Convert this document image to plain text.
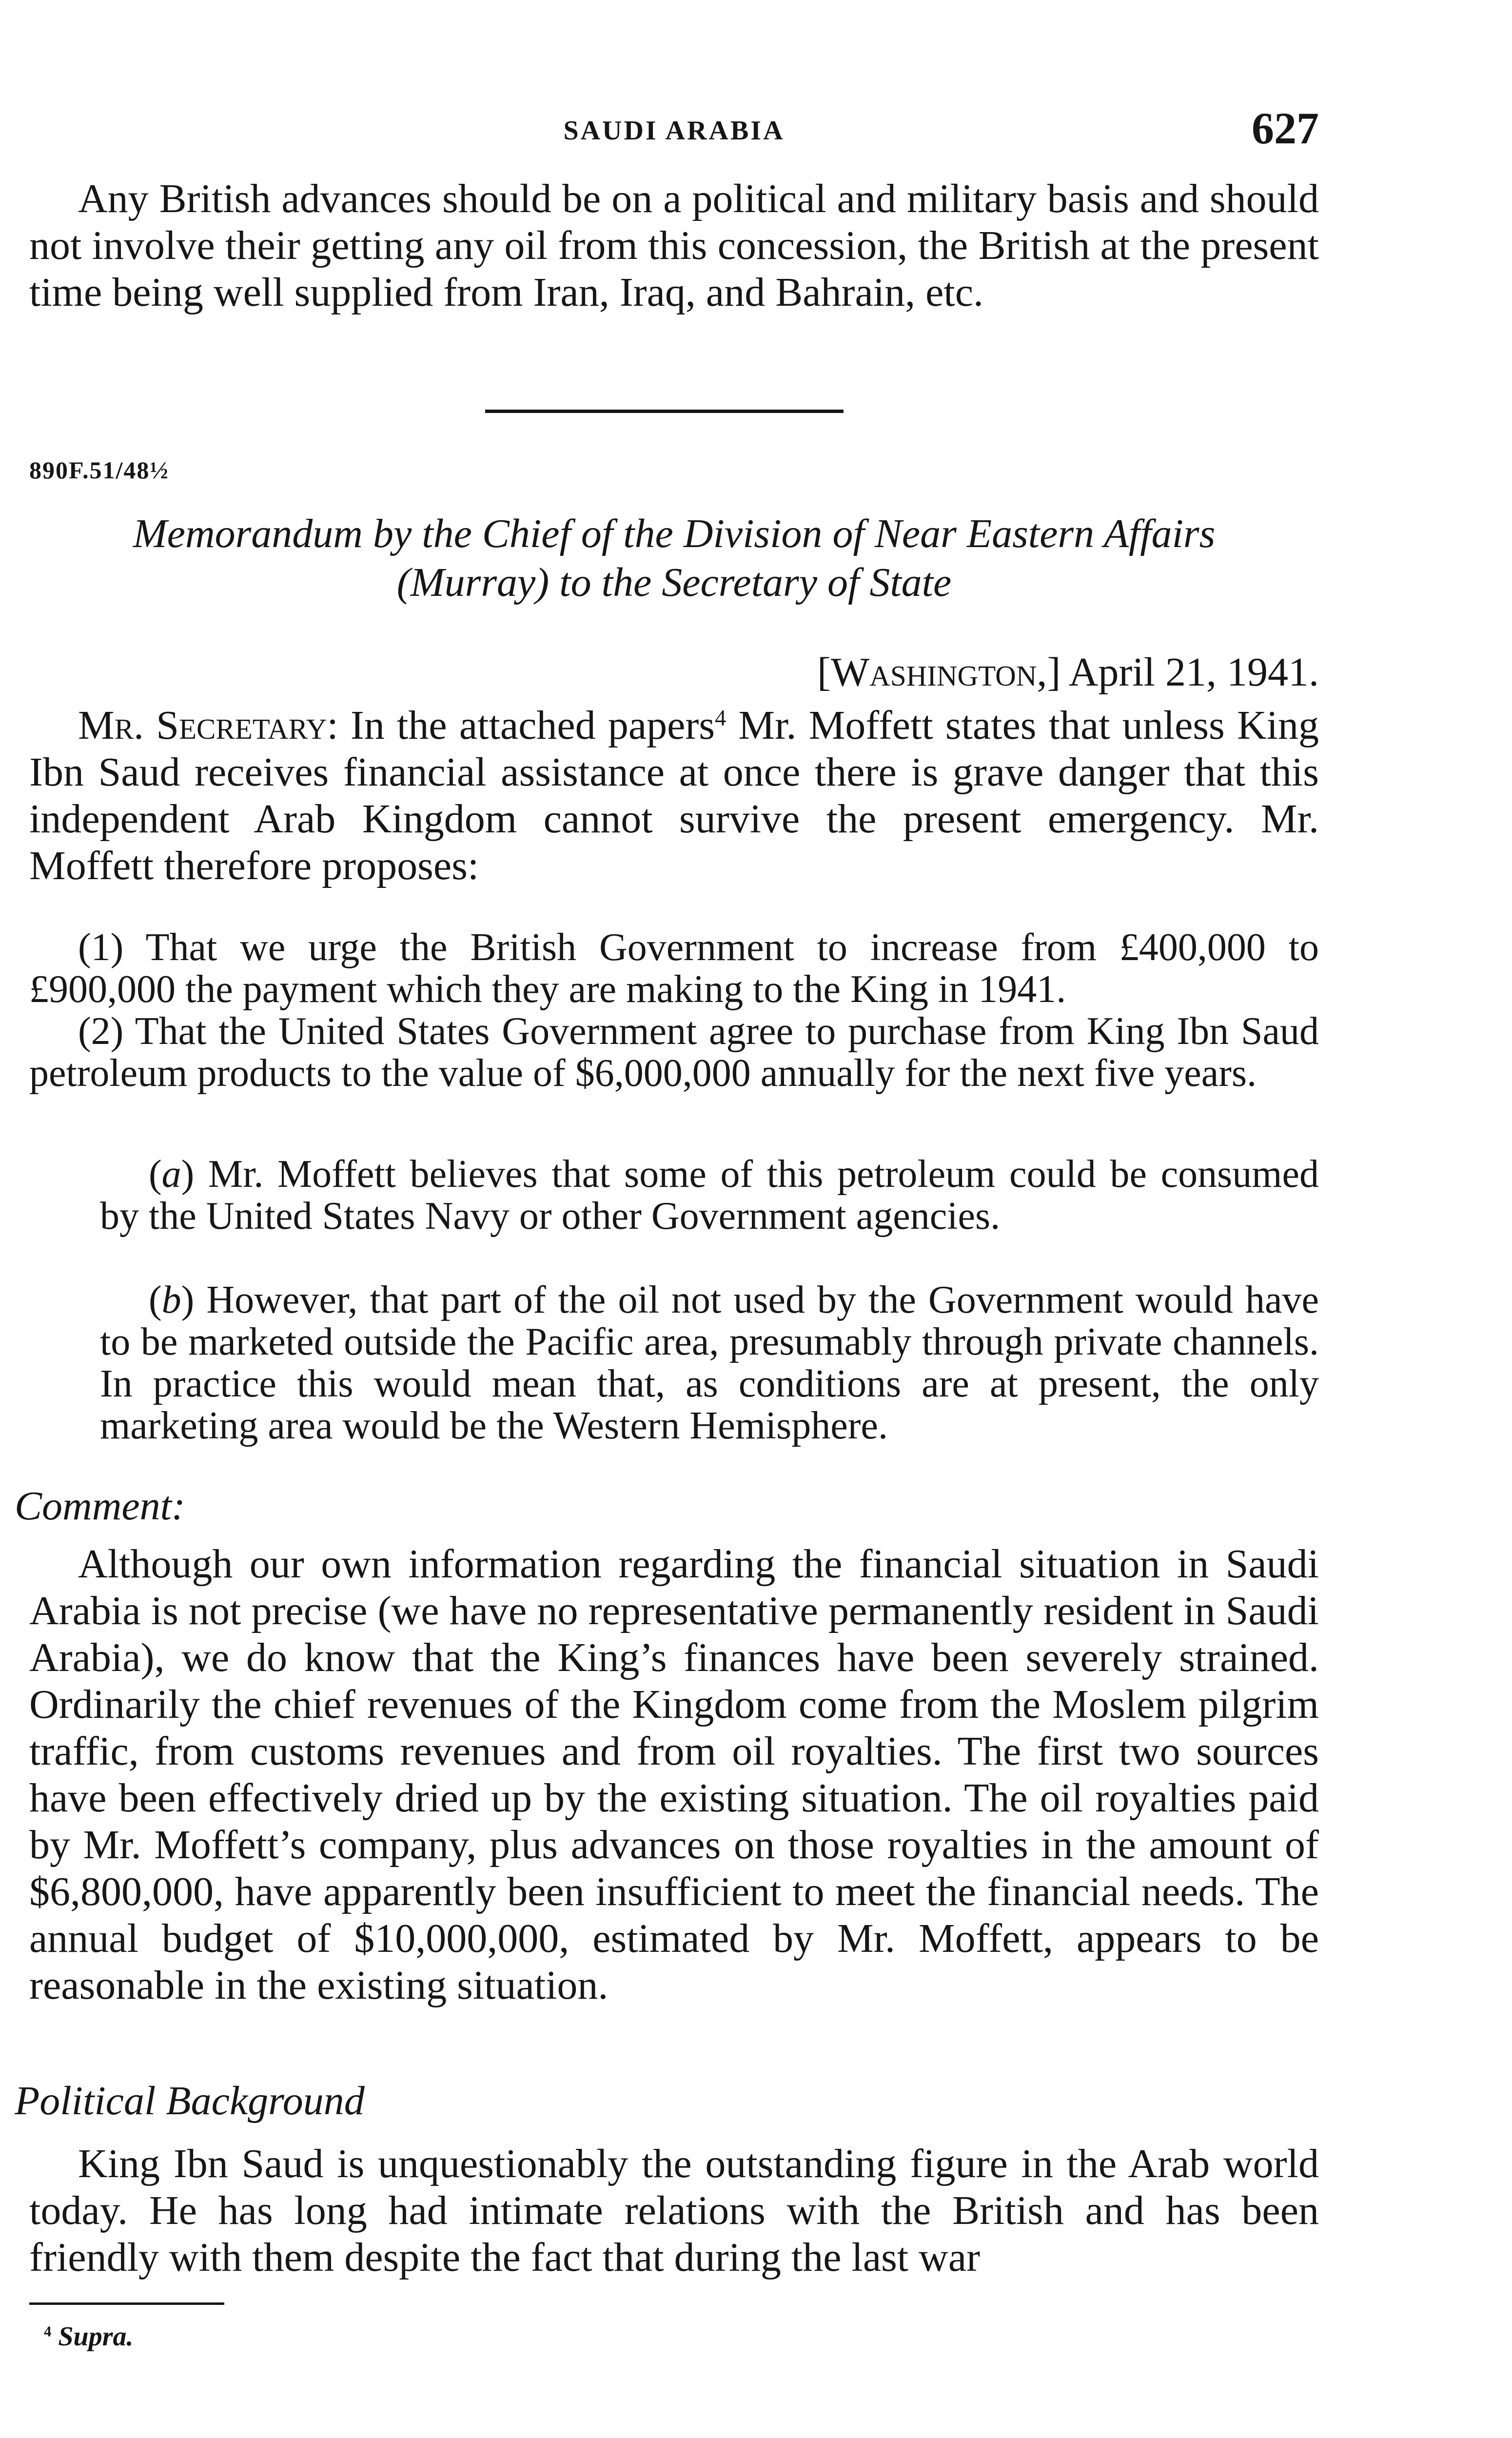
SAUDI ARABIA	627

Any British advances should be on a political and military basis and should not involve their getting any oil from this concession, the British at the present time being well supplied from Iran, Iraq, and Bahrain, etc.

890F.51/48½

Memorandum by the Chief of the Division of Near Eastern Affairs

(Murray) to the Secretary of State

[Washington,] April 21, 1941.

Mr. Secretary: In the attached papers$^4$ Mr. Moffett states that unless King Ibn Saud receives financial assistance at once there is grave danger that this independent Arab Kingdom cannot survive the present emergency. Mr. Moffett therefore proposes:

(1) That we urge the British Government to increase from £400,000 to £900,000 the payment which they are making to the King in 1941.

(2) That the United States Government agree to purchase from King Ibn Saud petroleum products to the value of $6,000,000 annually for the next five years.

(a) Mr. Moffett believes that some of this petroleum could be consumed by the United States Navy or other Government agencies.

(b) However, that part of the oil not used by the Government would have to be marketed outside the Pacific area, presumably through private channels. In practice this would mean that, as conditions are at present, the only marketing area would be the Western Hemisphere.

Comment:

Although our own information regarding the financial situation in Saudi Arabia is not precise (we have no representative permanently resident in Saudi Arabia), we do know that the King’s finances have been severely strained. Ordinarily the chief revenues of the Kingdom come from the Moslem pilgrim traffic, from customs revenues and from oil royalties. The first two sources have been effectively dried up by the existing situation. The oil royalties paid by Mr. Moffett’s company, plus advances on those royalties in the amount of $6,800,000, have apparently been insufficient to meet the financial needs. The annual budget of $10,000,000, estimated by Mr. Moffett, appears to be reasonable in the existing situation.

Political Background

King Ibn Saud is unquestionably the outstanding figure in the Arab world today. He has long had intimate relations with the British and has been friendly with them despite the fact that during the last war

$^4$ Supra.
